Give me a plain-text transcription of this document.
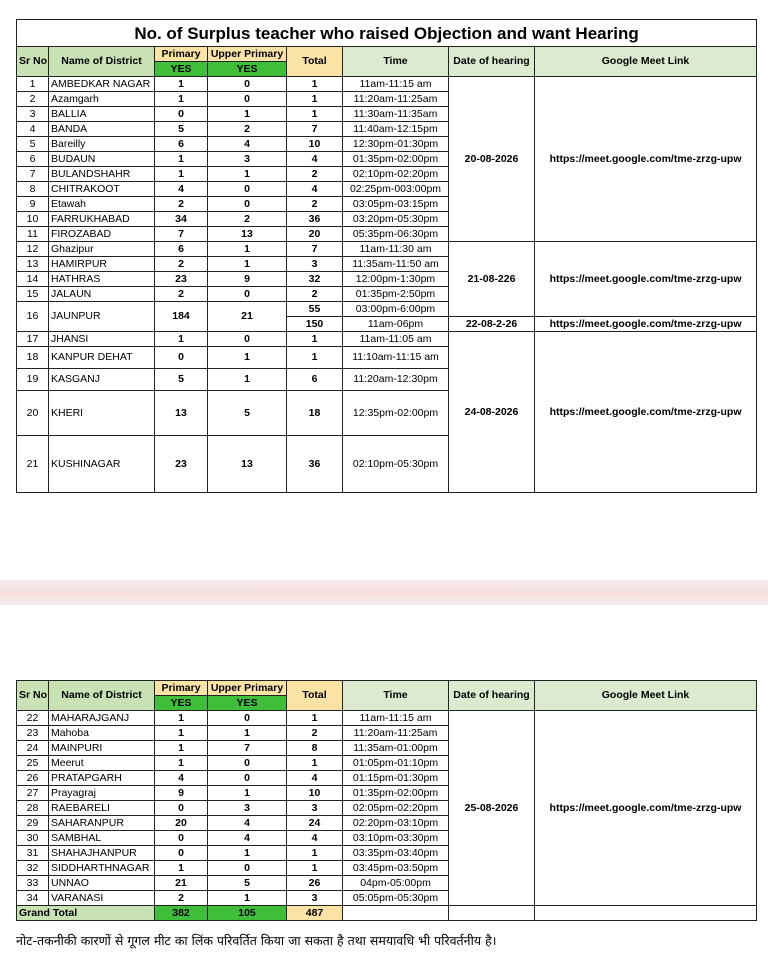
No. of Surplus teacher who raised Objection and want Hearing							
Sr No	Name of District	Primary	Upper Primary	Total	Time	Date of hearing	Google Meet Link
		YES	YES				
1	AMBEDKAR NAGAR	1	0	1	11am-11:15 am	20-08-2026	https://meet.google.com/tme-zrzg-upw
2	Azamgarh	1	0	1	11:20am-11:25am		
3	BALLIA	0	1	1	11:30am-11:35am		
4	BANDA	5	2	7	11:40am-12:15pm		
5	Bareilly	6	4	10	12:30pm-01:30pm		
6	BUDAUN	1	3	4	01:35pm-02:00pm		
7	BULANDSHAHR	1	1	2	02:10pm-02:20pm		
8	CHITRAKOOT	4	0	4	02:25pm-003:00pm		
9	Etawah	2	0	2	03:05pm-03:15pm		
10	FARRUKHABAD	34	2	36	03:20pm-05:30pm		
11	FIROZABAD	7	13	20	05:35pm-06:30pm		
12	Ghazipur	6	1	7	11am-11:30 am	21-08-226	https://meet.google.com/tme-zrzg-upw
13	HAMIRPUR	2	1	3	11:35am-11:50 am		
14	HATHRAS	23	9	32	12:00pm-1:30pm		
15	JALAUN	2	0	2	01:35pm-2:50pm		
16	JAUNPUR	184	21	55	03:00pm-6:00pm		
				150	11am-06pm	22-08-2-26	https://meet.google.com/tme-zrzg-upw
17	JHANSI	1	0	1	11am-11:05 am	24-08-2026	https://meet.google.com/tme-zrzg-upw
18	KANPUR DEHAT	0	1	1	11:10am-11:15 am		
19	KASGANJ	5	1	6	11:20am-12:30pm		
20	KHERI	13	5	18	12:35pm-02:00pm		
21	KUSHINAGAR	23	13	36	02:10pm-05:30pm		
Sr No	Name of District	Primary	Upper Primary	Total	Time	Date of hearing	Google Meet Link
		YES	YES				
22	MAHARAJGANJ	1	0	1	11am-11:15 am	25-08-2026	https://meet.google.com/tme-zrzg-upw
23	Mahoba	1	1	2	11:20am-11:25am		
24	MAINPURI	1	7	8	11:35am-01:00pm		
25	Meerut	1	0	1	01:05pm-01:10pm		
26	PRATAPGARH	4	0	4	01:15pm-01:30pm		
27	Prayagraj	9	1	10	01:35pm-02:00pm		
28	RAEBARELI	0	3	3	02:05pm-02:20pm		
29	SAHARANPUR	20	4	24	02:20pm-03:10pm		
30	SAMBHAL	0	4	4	03:10pm-03:30pm		
31	SHAHAJHANPUR	0	1	1	03:35pm-03:40pm		
32	SIDDHARTHNAGAR	1	0	1	03:45pm-03:50pm		
33	UNNAO	21	5	26	04pm-05:00pm		
34	VARANASI	2	1	3	05:05pm-05:30pm		
Grand Total		382	105	487			
नोट-तकनीकी कारणों से गूगल मीट का लिंक परिवर्तित किया जा सकता है तथा समयावधि भी परिवर्तनीय है।
